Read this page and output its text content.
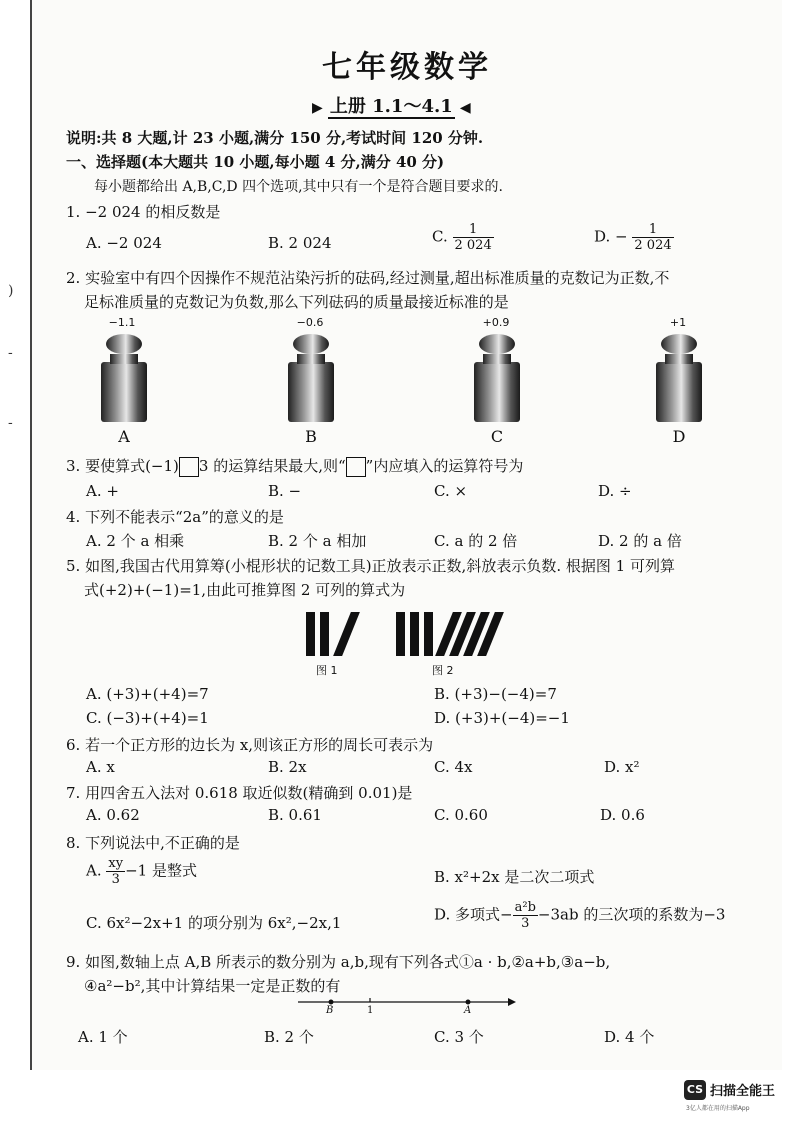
)
-
-
七年级数学
▶ 上册 1.1～4.1 ◀
说明:共 8 大题,计 23 小题,满分 150 分,考试时间 120 分钟.
一、选择题(本大题共 10 小题,每小题 4 分,满分 40 分)
每小题都给出 A,B,C,D 四个选项,其中只有一个是符合题目要求的.
1. −2 024 的相反数是
A. −2 024	B. 2 024	C. $\frac{1}{2 024}$	D. − $\frac{1}{2 024}$
2. 实验室中有四个因操作不规范沾染污折的砝码,经过测量,超出标准质量的克数记为正数,不
足标准质量的克数记为负数,那么下列砝码的质量最接近标准的是
−1.1	−0.6	+0.9	+1
A	B	C	D
3. 要使算式(−1) 3 的运算结果最大,则“ ”内应填入的运算符号为
A. +	B. −	C. ×	D. ÷
4. 下列不能表示“2a”的意义的是
A. 2 个 a 相乘	B. 2 个 a 相加	C. a 的 2 倍	D. 2 的 a 倍
5. 如图,我国古代用算筹(小棍形状的记数工具)正放表示正数,斜放表示负数. 根据图 1 可列算
式(+2)+(−1)=1,由此可推算图 2 可列的算式为
图 1	图 2
A. (+3)+(+4)=7	B. (+3)−(−4)=7
C. (−3)+(+4)=1	D. (+3)+(−4)=−1
6. 若一个正方形的边长为 x,则该正方形的周长可表示为
A. x	B. 2x	C. 4x	D. x²
7. 用四舍五入法对 0.618 取近似数(精确到 0.01)是
A. 0.62	B. 0.61	C. 0.60	D. 0.6
8. 下列说法中,不正确的是
A. $\frac{xy}{3} -1$ 是整式	B. x²+2x 是二次二项式
C. 6x²−2x+1 的项分别为 6x²,−2x,1	D. 多项式− $\frac{\text{a²b}}{3} -3ab$ 的三次项的系数为−3
9. 如图,数轴上点 A,B 所表示的数分别为 a,b,现有下列各式①a · b,②a+b,③a−b,
④a²−b²,其中计算结果一定是正数的有
B	1	A
A. 1 个	B. 2 个	C. 3 个	D. 4 个
CS 扫描全能王
3亿人都在用的扫描App
